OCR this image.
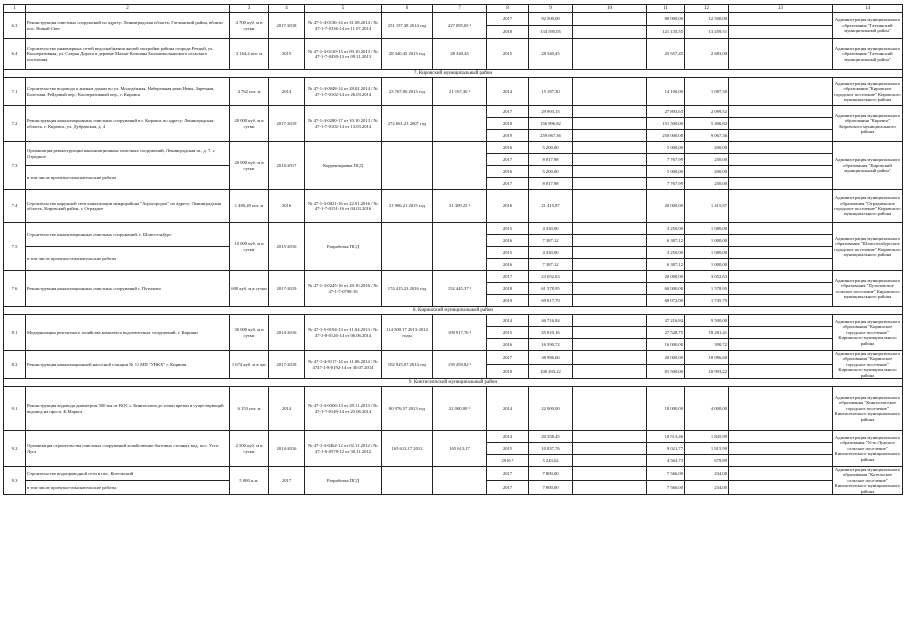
1	2	3	4	5	6	7	8	9	10	11	12	13	14	
6.3	Реконструкция очистных сооружений по адресу: Ленинградская область, Гатчинский район, вблизи пос. Новый Свет	4 700 куб. м в сутки	2017-2018	№ 47-1-4-0136-14 от 31.08.2014 / № 47-1-7-0136-14 от 11.07.2014	251 157,38 2014 год	227 095,05 ³	2017	92 500,00		80 000,00	12 500,00		Администрация муниципального образования "Гатчинский муниципальный район"	
							2018	134 595,05		121 135,55	13 459,51			
6.4	Строительство инженерных сетей водоснабжения жилой застройки района огорода Речной, ул. Кооперативная, ул. Старая Дорога в деревне Малые Колпаны Большеколпанского сельского поселения	3 164,4 пог. м	2015	№ 47-1-4-0130-13 от 09.10.2013 / № 47-1-7-0430-13 от 09.11.2013	28 340,45 2013 год	28 340,45	2015	28 340,45		25 657,45	2 683,00		Администрация муниципального образования "Гатчинский муниципальный район"	
7. Кировский муниципальный район														
7.1	Строительство водовода к жилым домам по ул. Молодёжная, Набережная реки Невы, Заречная, Болотная, Рейдовый пер., Кооперативный пер., г. Кировск	4 762 пог. м	2014	№ 47-1-4-0048-14 от 28.02.2014 / № 47-1-7-0102-14 от 26.03.2014	23 767,00 2013 год	21 167,30 ³	2014	15 187,30		14 100,00	1 087,30		Администрация муниципального образования "Кировское городское поселение" Кировского муниципального района	
7.2	Реконструкция канализационных очистных сооружений в г. Кировск по адресу: Ленинградская область, г. Кировск, ул. Дубравская, д. 4	20 000 куб. м в сутки	2017-2019	№ 47-1-4-0280-17 от 10.10.2013 / № 47-1-7-0102-14 от 13.03.2014	272 661,23 2007 год		2017	29 993,15		27 893,63	2 099,52		Администрация муниципального образования "Кировск" Кировского муниципального района	
							2018	156 996,82		151 500,00	5 496,82			
							2019	259 067,36		250 000,00	9 067,36			
7.3	Организация реконструкции канализационных очистных сооружений, Ленинградская ш., д. 7, г. Отрадное	20 000 куб. м в сутки	2016-2017	Корректировка ПСД			2016	5 200,00		5 000,00	200,00		Администрация муниципального образования "Кировский муниципальный район"	
							2017	8 017,98		7 767,99	250,00			
	в том числе проектно-изыскательские работы						2016	5 200,00		5 000,00	200,00			
							2017	8 017,98		7 767,99	250,00			
7.4	Строительство наружной сети канализации микрорайона "Агрогородок" по адресу: Ленинградская область, Кировский район, г. Отрадное	1 480,28 пог. м	2016	№ 47-1-3-0021-16 от 22.01.2016 / № 47-1-7-0151-16 от 04.03.2016	21 906,21 2015 год	21 309,25 ³	2016	21 415,87		20 000,00	1 415,87		Администрация муниципального образования "Отрадненское городское поселение" Кировского муниципального района	
7.5	Строительство канализационных очистных сооружений, г. Шлиссельбург	10 000 куб. м в сутки	2015-2016	Разработка ПСД			2015	4 330,00		3 250,00	1 080,00		Администрация муниципального образования "Шлиссельбургское городское поселение" Кировского муниципального района	
							2016	7 387,12		6 387,12	1 000,00			
	в том числе проектно-изыскательские работы						2015	4 330,00		3 250,00	1 080,00			
							2016	7 387,12		6 387,12	1 000,00			
7.6	Реконструкция канализационных очистных сооружений г. Путилово	600 куб. м в сутки	2017-2019	№ 47-1-3-0245-16 от 28.10.2016 / № 47-1-7-0708-16	174 415,23 2016 год	152 445,37 ³	2017	23 052,63		20 000,00	3 052,63		Администрация муниципального образования "Путиловское сельское поселение" Кировского муниципального района	
							2018	61 578,95		60 000,00	1 578,95			
							2019	69 817,79		68 072,00	1 745,79			
8. Киришский муниципальный район														
8.1	Модернизация реагентного хозяйства комплекса водоочистных сооружений, г. Кириши	30 000 куб. м в сутки	2014-2016	№ 47-1-5-0194-13 от 11.04.2013 / № 47-1-8-0126-14 от 06.06.2014	114 500,17 2013-2014 годы	108 917,76 ³	2014	46 716,84		37 216,84	9 500,00		Администрация муниципального образования "Киришское городское поселение" Киришского муниципального района	
							2015	45 810,16		27 528,75	18 281,41			
							2016	16 390,72		16 000,00	390,72			
8.2	Реконструкция канализационной насосной станции № 11 МП "УВКХ" г. Кириши	1 674 куб. м в час	2017-2018	№ 47-1-4-0117-14 от 11.06.2014 / № 4747-1-8-0192-14 от 30.07.2014	102 925,07 2014 год	139 459,82 ³	2017	38 986,60		20 000,00	18 986,60		Администрация муниципального образования "Киришское городское поселение" Киришского муниципального района	
							2018	100 493,22		81 500,00	18 993,22			
9. Кингисеппский муниципальный район														
9.1	Реконструкция водовода диаметром 500 мм от ВОС г. Кингисеппа до точки врезки в существующий водовод на просп. К.Маркса	6 153 пог. м	2014	№ 47-1-4-0306-13 от 29.11.2013 / № 47-1-7-0149-14 от 25.06.2014	80 976,57 2013 год	22 000,00 ⁶	2014	22 000,00		18 000,00	4 000,00		Администрация муниципального образования "Кингисеппское городское поселение" Кингисеппского муниципального района	
9.2	Организация строительства очистных сооружений хозяйственно-бытовых сточных вод, пос. Усть-Луга	2 500 куб. м в сутки	2014-2016	№ 47-1-4-0462-12 от 02.11.2012 / № 47-1-6-0578-12 от 30.11.2012	165 613,17 2012	165 613,17	2014	20 358,45		18 513,46	1 845,99		Администрация муниципального образования "Усть-Лужское сельское поселение" Кингисеппского муниципального района	
							2015	10 837,76		9 021,77	1 815,99			
							2016 ⁶	5 243,62		4 563,73	679,89			
9.3	Строительство водопроводной сети в пос. Котельский	5 000 п.м.	2017	Разработка ПСД			2017	7 800,00		7 566,00	234,00		Администрация муниципального образования "Котельское сельское поселение" Кингисеппского муниципального района	
	в том числе проектно-изыскательские работы						2017	7 800,00		7 566,00	234,00			
